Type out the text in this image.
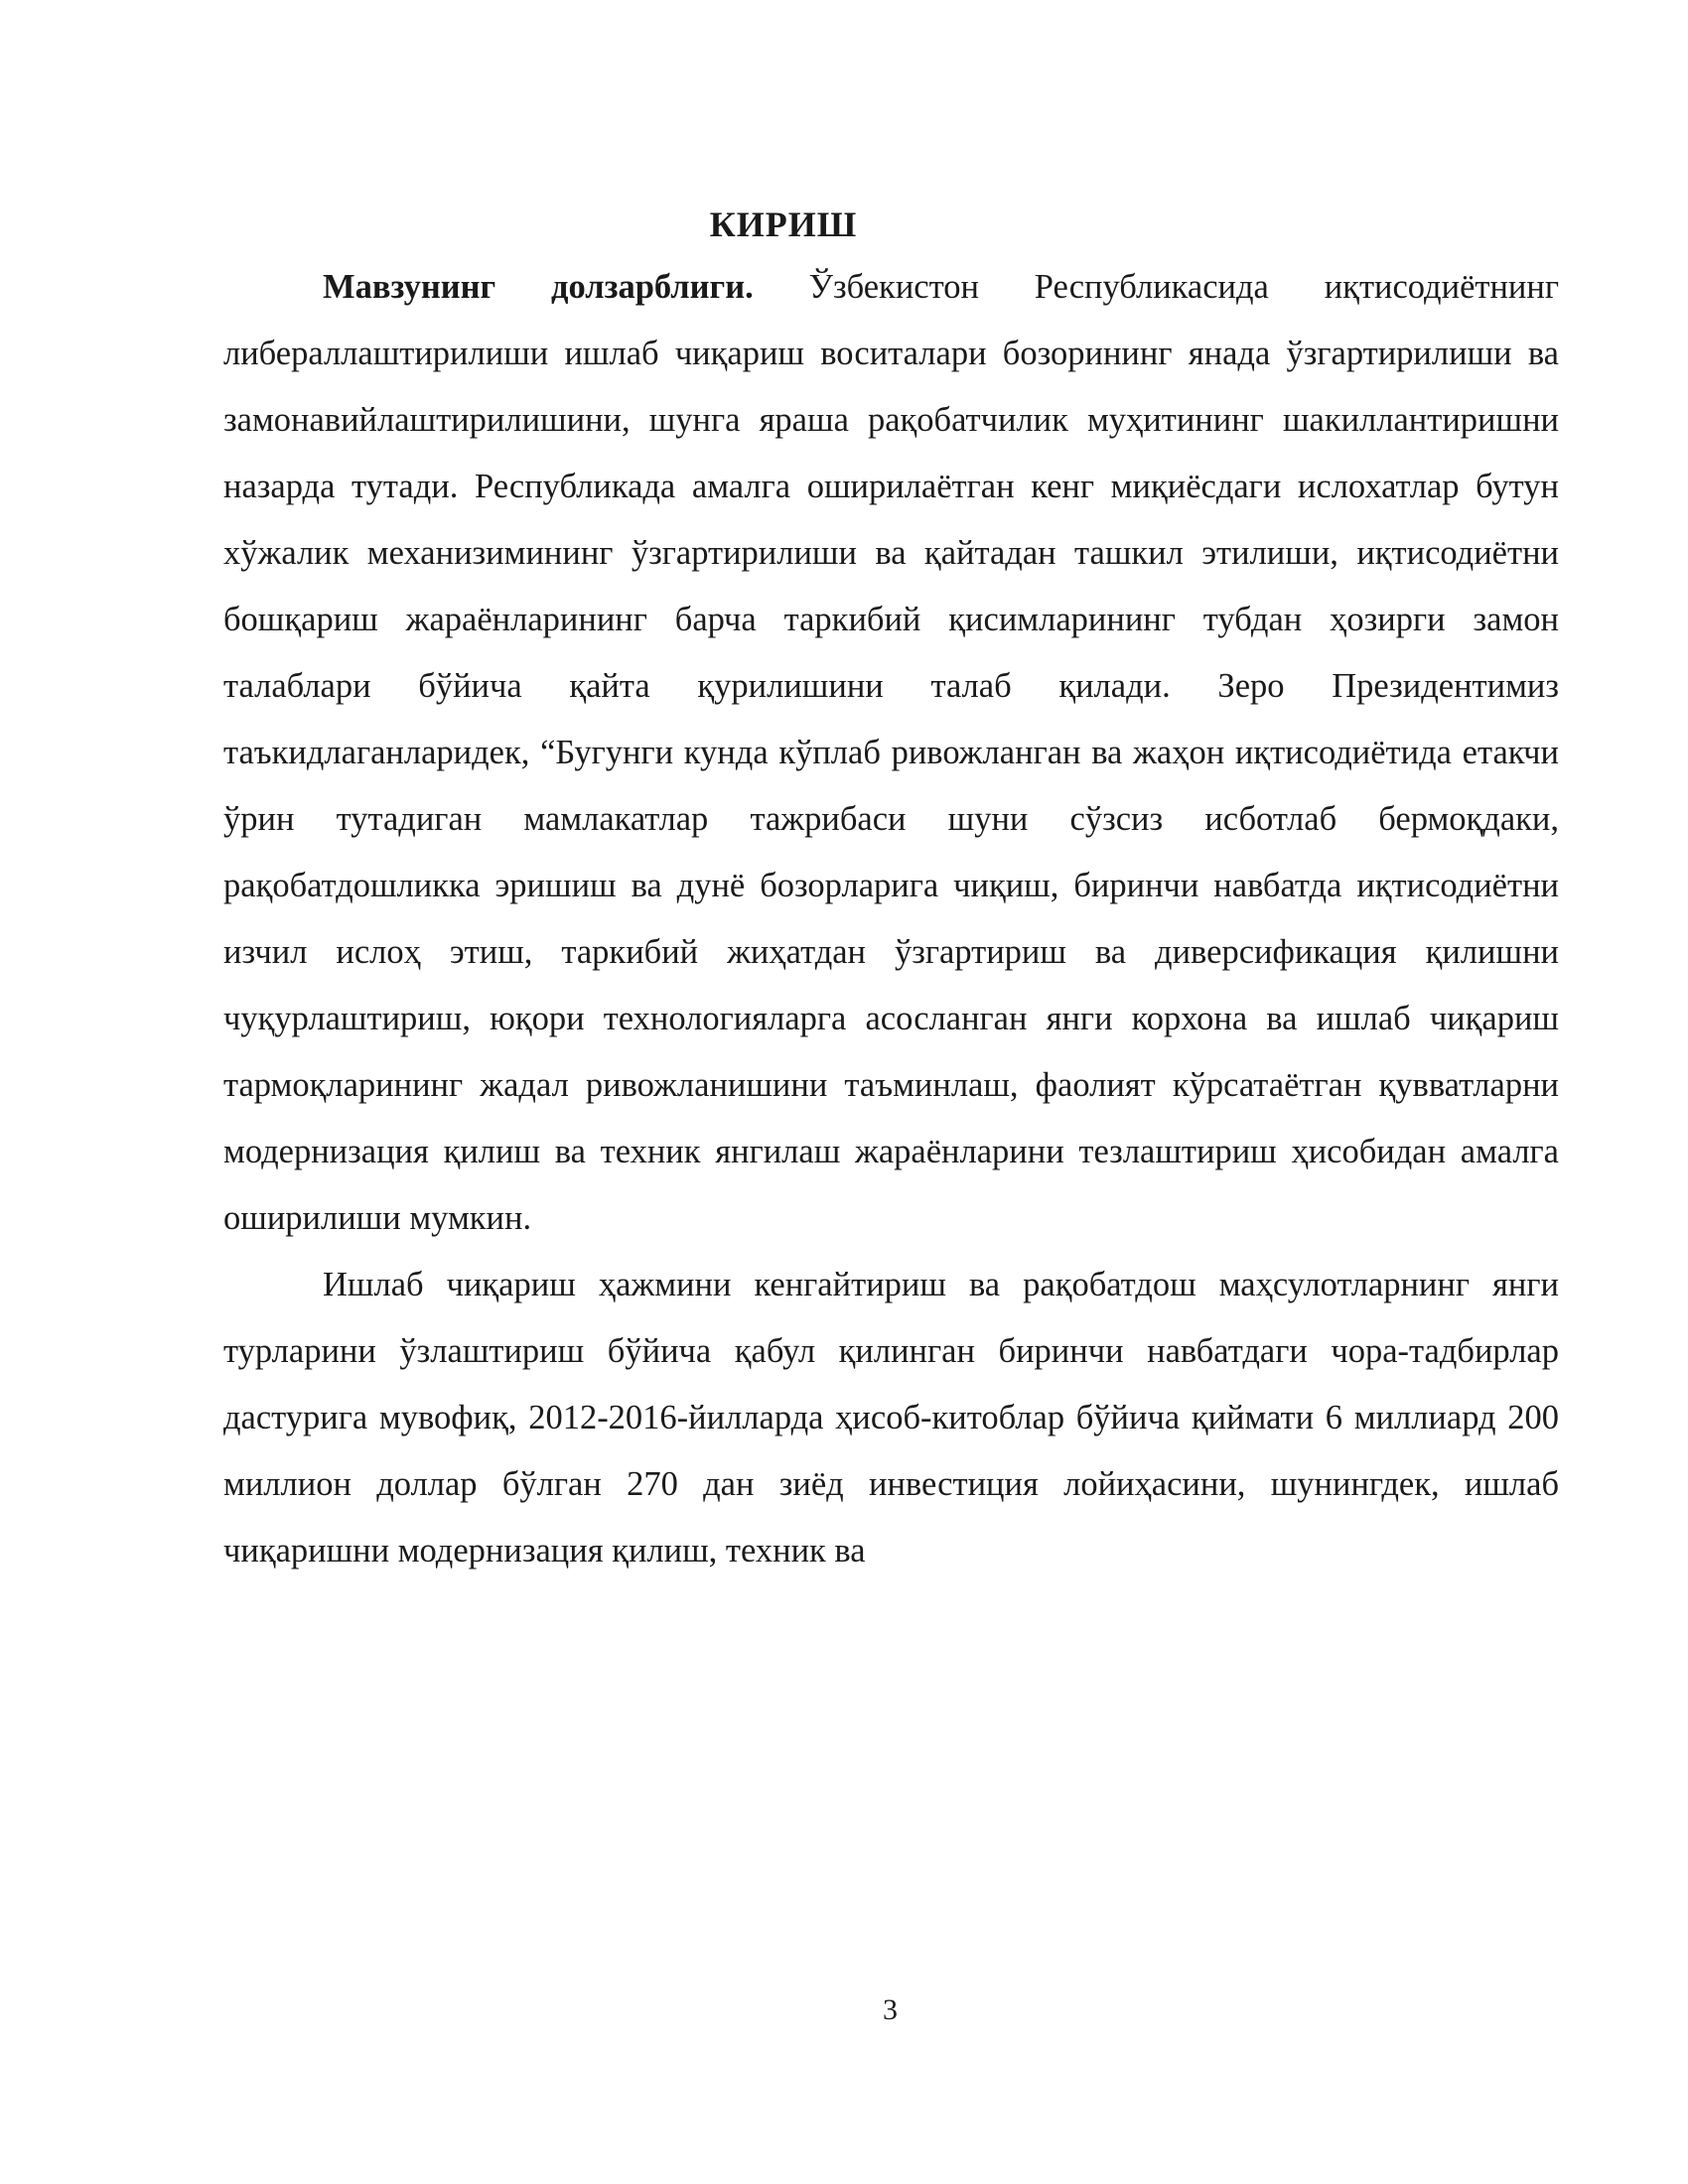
КИРИШ

Мавзунинг долзарблиги. Ўзбекистон Республикасида иқтисодиётнинг либераллаштирилиши ишлаб чиқариш воситалари бозорининг янада ўзгартирилиши ва замонавийлаштирилишини, шунга яраша рақобатчилик муҳитининг шакиллантиришни назарда тутади. Республикада амалга оширилаётган кенг миқиёсдаги ислохатлар бутун хўжалик механизимининг ўзгартирилиши ва қайтадан ташкил этилиши, иқтисодиётни бошқариш жараёнларининг барча таркибий қисимларининг тубдан ҳозирги замон талаблари бўйича қайта қурилишини талаб қилади. Зеро Президентимиз таъкидлаганларидек, “Бугунги кунда кўплаб ривожланган ва жаҳон иқтисодиётида етакчи ўрин тутадиган мамлакатлар тажрибаси шуни сўзсиз исботлаб бермоқдаки, рақобатдошликка эришиш ва дунё бозорларига чиқиш, биринчи навбатда иқтисодиётни изчил ислоҳ этиш, таркибий жиҳатдан ўзгартириш ва диверсификация қилишни чуқурлаштириш, юқори технологияларга асосланган янги корхона ва ишлаб чиқариш тармоқларининг жадал ривожланишини таъминлаш, фаолият кўрсатаётган қувватларни модернизация қилиш ва техник янгилаш жараёнларини тезлаштириш ҳисобидан амалга оширилиши мумкин.

Ишлаб чиқариш ҳажмини кенгайтириш ва рақобатдош маҳсулотларнинг янги турларини ўзлаштириш бўйича қабул қилинган биринчи навбатдаги чора-тадбирлар дастурига мувофиқ, 2012-2016-йилларда ҳисоб-китоблар бўйича қиймати 6 миллиард 200 миллион доллар бўлган 270 дан зиёд инвестиция лойиҳасини, шунингдек, ишлаб чиқаришни модернизация қилиш, техник ва

3
